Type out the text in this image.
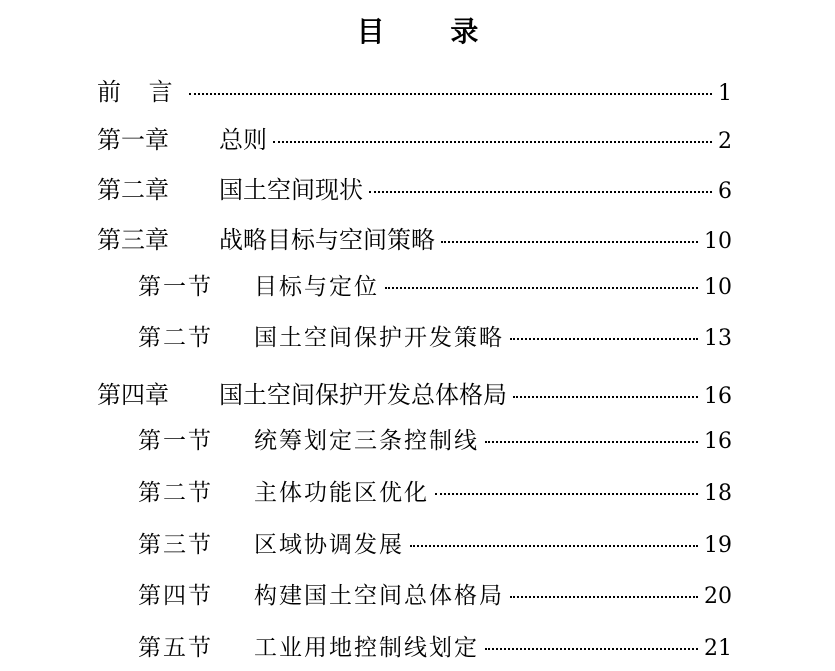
目 录
前 言	1
第一章	总则	2
第二章	国土空间现状	6
第三章	战略目标与空间策略	10
第一节	目标与定位	10
第二节	国土空间保护开发策略	13
第四章	国土空间保护开发总体格局	16
第一节	统筹划定三条控制线	16
第二节	主体功能区优化	18
第三节	区域协调发展	19
第四节	构建国土空间总体格局	20
第五节	工业用地控制线划定	21
